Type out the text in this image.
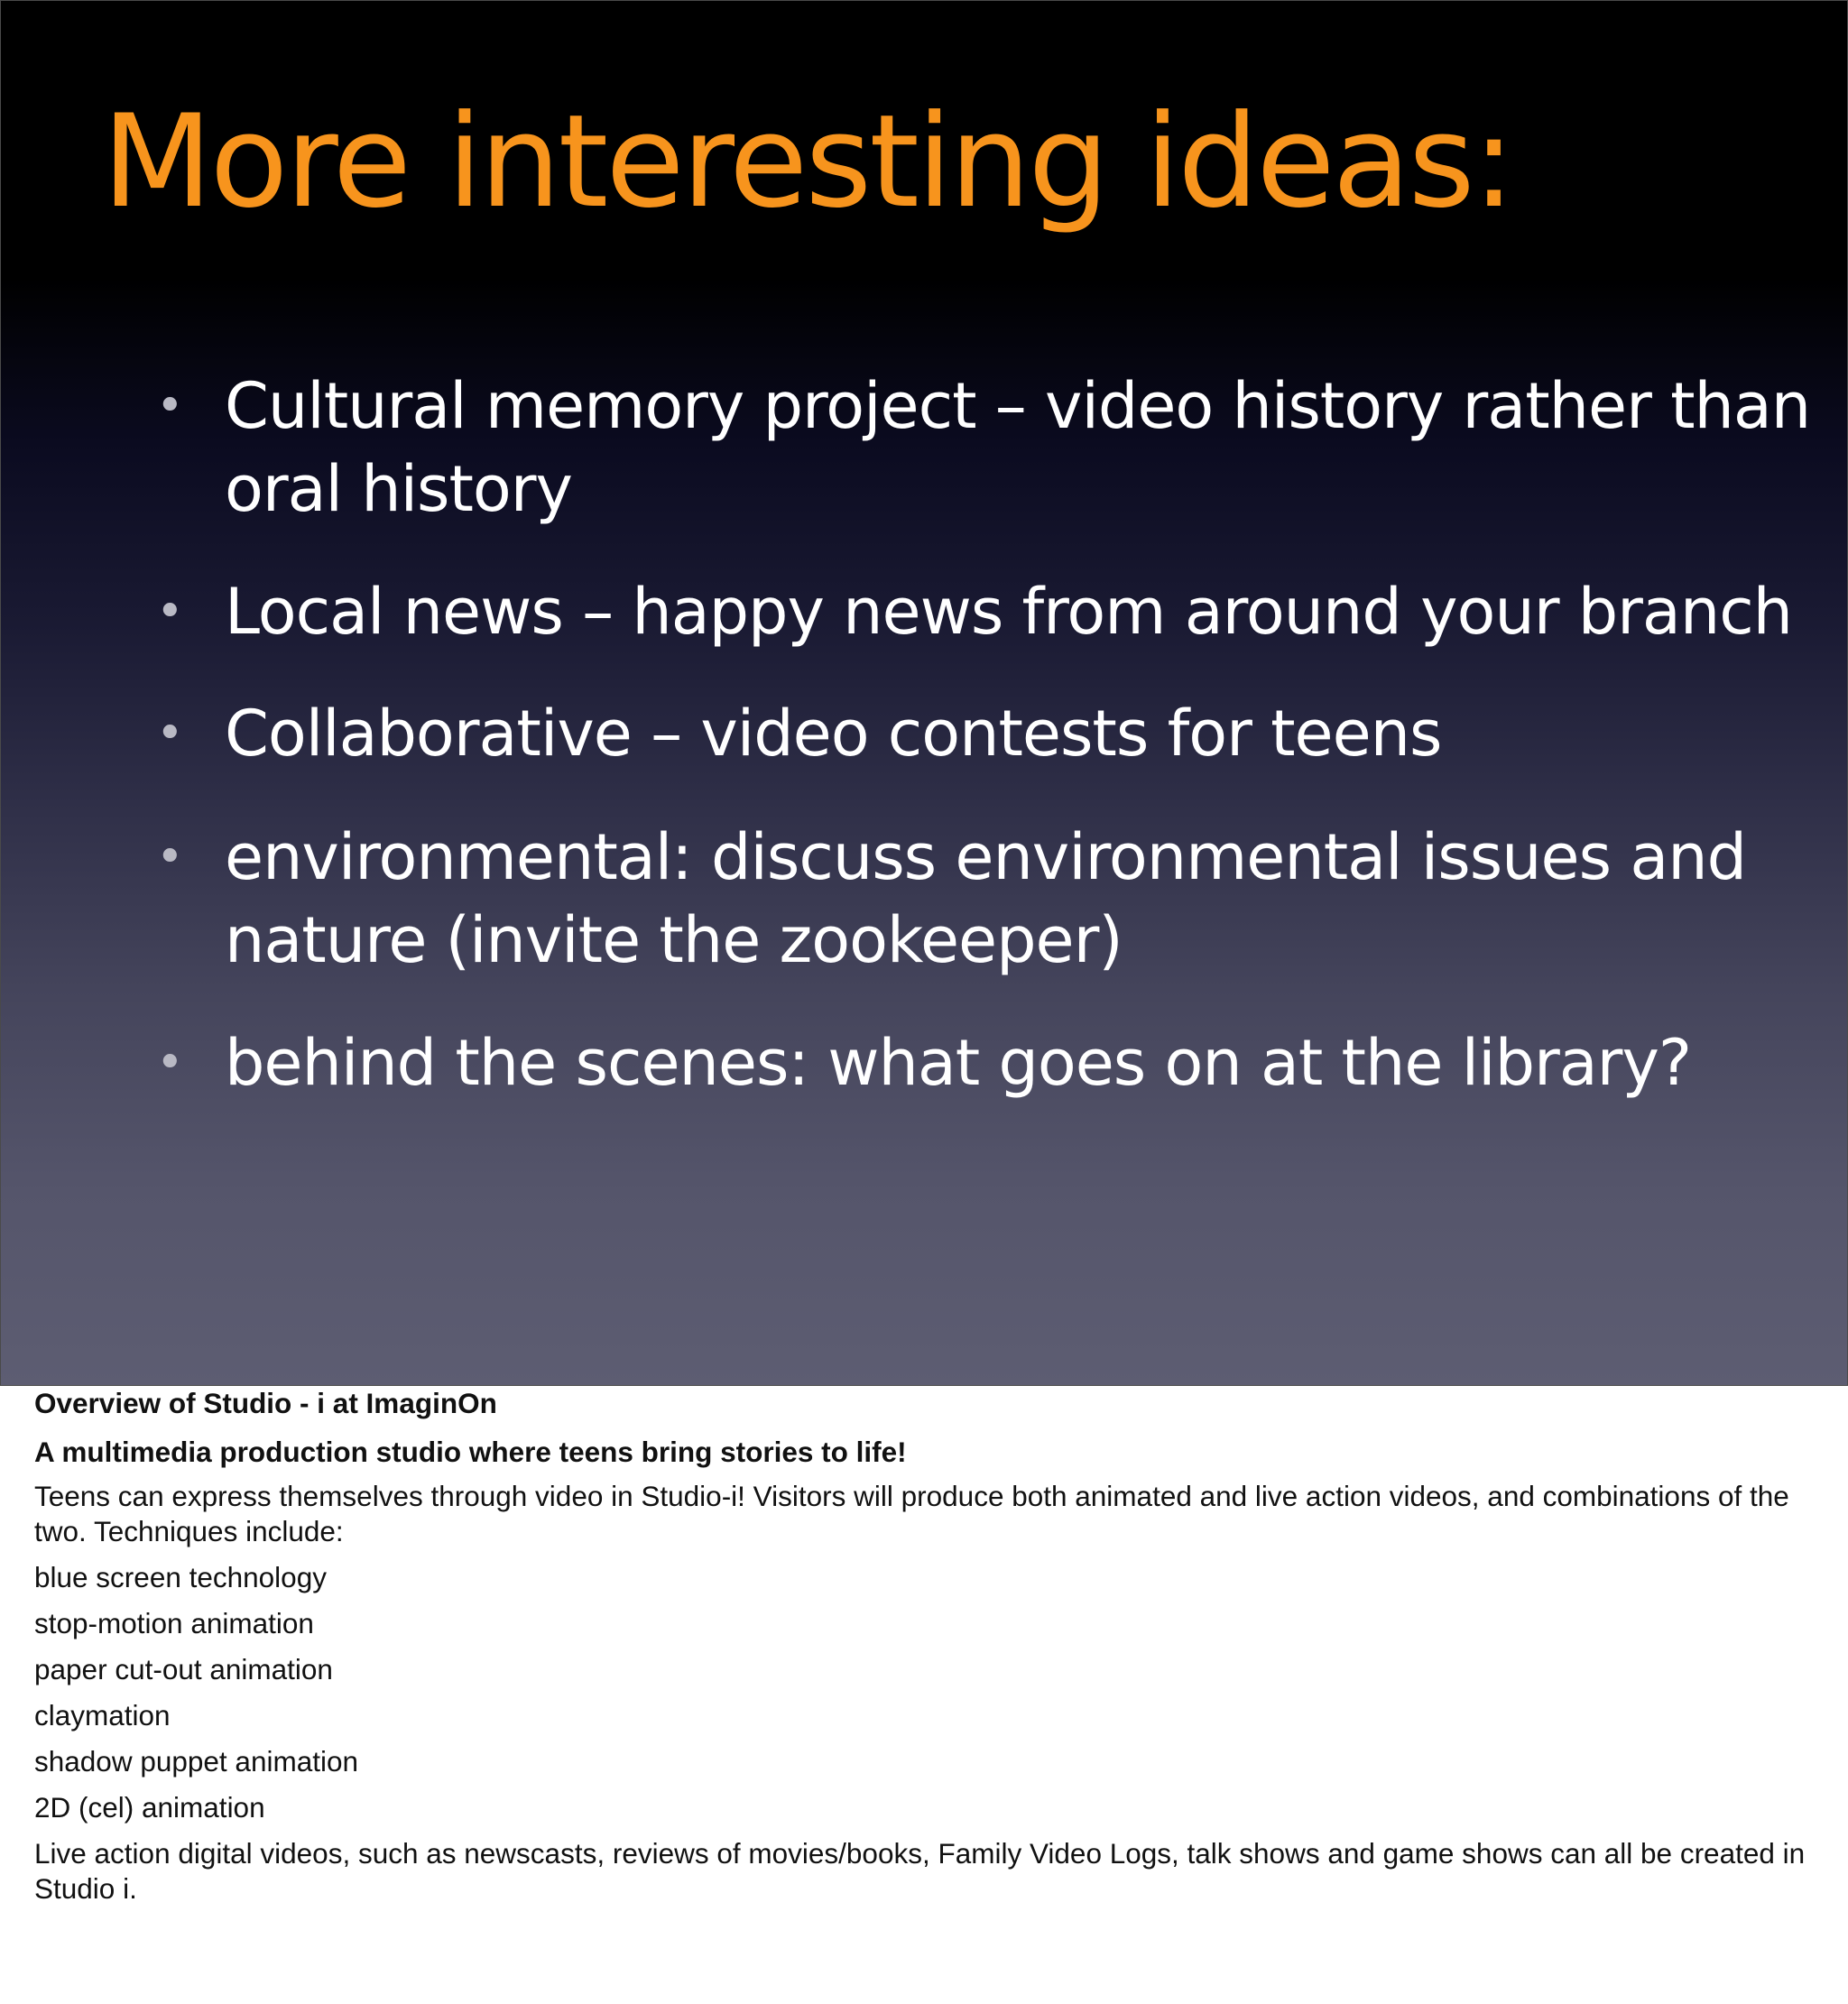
More interesting ideas:
• Cultural memory project – video history rather than oral history
• Local news – happy news from around your branch
• Collaborative – video contests for teens
• environmental: discuss environmental issues and nature (invite the zookeeper)
• behind the scenes: what goes on at the library?

Overview of Studio - i at ImaginOn

A multimedia production studio where teens bring stories to life!

Teens can express themselves through video in Studio-i! Visitors will produce both animated and live action videos, and combinations of the two. Techniques include:

blue screen technology

stop-motion animation

paper cut-out animation

claymation

shadow puppet animation

2D (cel) animation

Live action digital videos, such as newscasts, reviews of movies/books, Family Video Logs, talk shows and game shows can all be created in Studio i.
